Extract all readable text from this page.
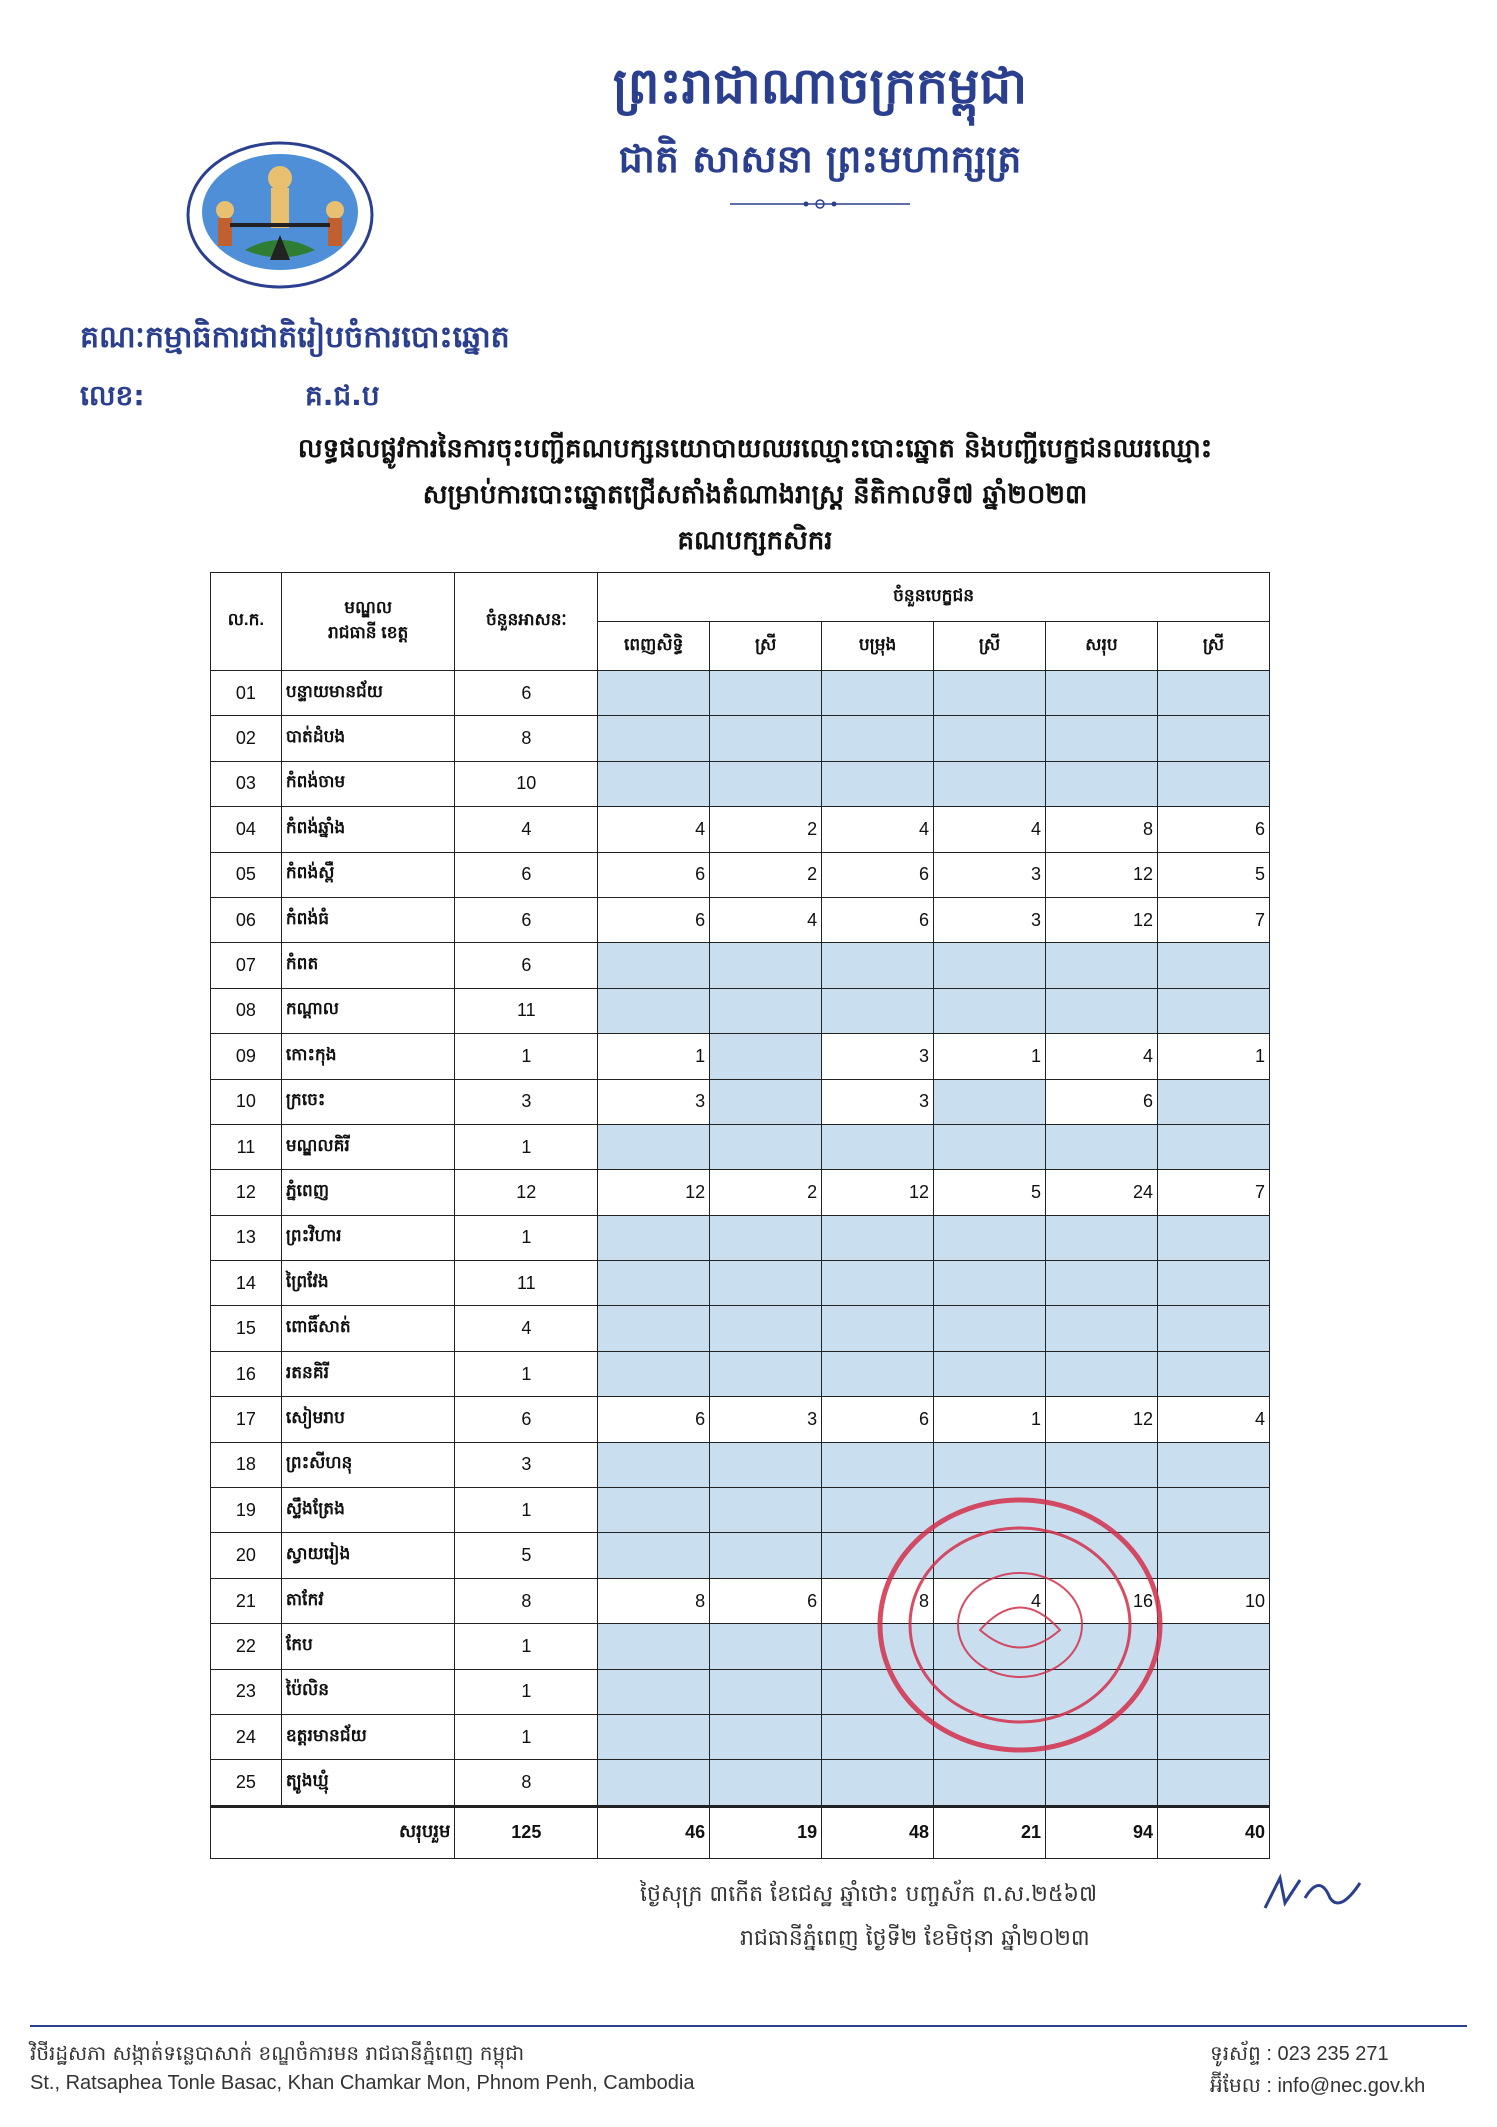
ព្រះរាជាណាចក្រកម្ពុជា
ជាតិ សាសនា ព្រះមហាក្សត្រ
គណៈកម្មាធិការជាតិរៀបចំការបោះឆ្នោត
លេខ:	គ.ជ.ប
លទ្ធផលផ្លូវការនៃការចុះបញ្ជីគណបក្សនយោបាយឈរឈ្មោះបោះឆ្នោត និងបញ្ជីបេក្ខជនឈរឈ្មោះ
សម្រាប់ការបោះឆ្នោតជ្រើសតាំងតំណាងរាស្ត្រ នីតិកាលទី៧ ឆ្នាំ២០២៣
គណបក្សកសិករ
ល.ក.	មណ្ឌល
រាជធានី ខេត្ត	ចំនួនអាសនៈ	ចំនួនបេក្ខជន					
			ពេញសិទ្ធិ	ស្រី	បម្រុង	ស្រី	សរុប	ស្រី
01	បន្ទាយមានជ័យ	6						
02	បាត់ដំបង	8						
03	កំពង់ចាម	10						
04	កំពង់ឆ្នាំង	4	4	2	4	4	8	6
05	កំពង់ស្ពឺ	6	6	2	6	3	12	5
06	កំពង់ធំ	6	6	4	6	3	12	7
07	កំពត	6						
08	កណ្តាល	11						
09	កោះកុង	1	1		3	1	4	1
10	ក្រចេះ	3	3		3		6	
11	មណ្ឌលគិរី	1						
12	ភ្នំពេញ	12	12	2	12	5	24	7
13	ព្រះវិហារ	1						
14	ព្រៃវែង	11						
15	ពោធិ៍សាត់	4						
16	រតនគិរី	1						
17	សៀមរាប	6	6	3	6	1	12	4
18	ព្រះសីហនុ	3						
19	ស្ទឹងត្រែង	1						
20	ស្វាយរៀង	5						
21	តាកែវ	8	8	6	8	4	16	10
22	កែប	1						
23	ប៉ៃលិន	1						
24	ឧត្តរមានជ័យ	1						
25	ត្បូងឃ្មុំ	8						
សរុបរួម		125	46	19	48	21	94	40
ថ្ងៃសុក្រ ៣កើត ខែជេស្ឋ ឆ្នាំថោះ បញ្ចស័ក ព.ស.២៥៦៧
រាជធានីភ្នំពេញ ថ្ងៃទី២ ខែមិថុនា ឆ្នាំ២០២៣
វិថីរដ្ឋសភា សង្កាត់ទន្លេបាសាក់ ខណ្ឌចំការមន រាជធានីភ្នំពេញ កម្ពុជា
St., Ratsaphea Tonle Basac, Khan Chamkar Mon, Phnom Penh, Cambodia
ទូរស័ព្ទ : 023 235 271
អ៊ីមែល : info@nec.gov.kh
